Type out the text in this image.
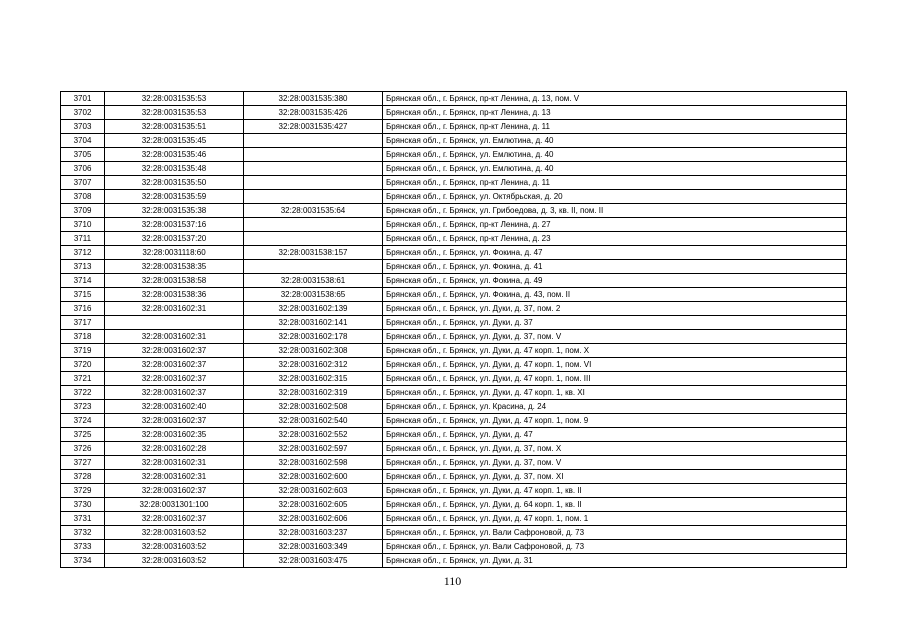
3701	32:28:0031535:53	32:28:0031535:380	Брянская обл., г. Брянск, пр-кт Ленина, д. 13, пом. V
3702	32:28:0031535:53	32:28:0031535:426	Брянская обл., г. Брянск, пр-кт Ленина, д. 13
3703	32:28:0031535:51	32:28:0031535:427	Брянская обл., г. Брянск, пр-кт Ленина, д. 11
3704	32:28:0031535:45		Брянская обл., г. Брянск, ул. Емлютина, д. 40
3705	32:28:0031535:46		Брянская обл., г. Брянск, ул. Емлютина, д. 40
3706	32:28:0031535:48		Брянская обл., г. Брянск, ул. Емлютина, д. 40
3707	32:28:0031535:50		Брянская обл., г. Брянск, пр-кт Ленина, д. 11
3708	32:28:0031535:59		Брянская обл., г. Брянск, ул. Октябрьская, д. 20
3709	32:28:0031535:38	32:28:0031535:64	Брянская обл., г. Брянск, ул. Грибоедова, д. 3, кв. II, пом. II
3710	32:28:0031537:16		Брянская обл., г. Брянск, пр-кт Ленина, д. 27
3711	32:28:0031537:20		Брянская обл., г. Брянск, пр-кт Ленина, д. 23
3712	32:28:0031118:60	32:28:0031538:157	Брянская обл., г. Брянск, ул. Фокина, д. 47
3713	32:28:0031538:35		Брянская обл., г. Брянск, ул. Фокина, д. 41
3714	32:28:0031538:58	32:28:0031538:61	Брянская обл., г. Брянск, ул. Фокина, д. 49
3715	32:28:0031538:36	32:28:0031538:65	Брянская обл., г. Брянск, ул. Фокина, д. 43, пом. II
3716	32:28:0031602:31	32:28:0031602:139	Брянская обл., г. Брянск, ул. Дуки, д. 37, пом. 2
3717		32:28:0031602:141	Брянская обл., г. Брянск, ул. Дуки, д. 37
3718	32:28:0031602:31	32:28:0031602:178	Брянская обл., г. Брянск, ул. Дуки, д. 37, пом. V
3719	32:28:0031602:37	32:28:0031602:308	Брянская обл., г. Брянск, ул. Дуки, д. 47 корп. 1, пом. X
3720	32:28:0031602:37	32:28:0031602:312	Брянская обл., г. Брянск, ул. Дуки, д. 47 корп. 1, пом. VI
3721	32:28:0031602:37	32:28:0031602:315	Брянская обл., г. Брянск, ул. Дуки, д. 47 корп. 1, пом. III
3722	32:28:0031602:37	32:28:0031602:319	Брянская обл., г. Брянск, ул. Дуки, д. 47 корп. 1, кв. XI
3723	32:28:0031602:40	32:28:0031602:508	Брянская обл., г. Брянск, ул. Красина, д. 24
3724	32:28:0031602:37	32:28:0031602:540	Брянская обл., г. Брянск, ул. Дуки, д. 47 корп. 1, пом. 9
3725	32:28:0031602:35	32:28:0031602:552	Брянская обл., г. Брянск, ул. Дуки, д. 47
3726	32:28:0031602:28	32:28:0031602:597	Брянская обл., г. Брянск, ул. Дуки, д. 37, пом. X
3727	32:28:0031602:31	32:28:0031602:598	Брянская обл., г. Брянск, ул. Дуки, д. 37, пом. V
3728	32:28:0031602:31	32:28:0031602:600	Брянская обл., г. Брянск, ул. Дуки, д. 37, пом. XI
3729	32:28:0031602:37	32:28:0031602:603	Брянская обл., г. Брянск, ул. Дуки, д. 47 корп. 1, кв. II
3730	32:28:0031301:100	32:28:0031602:605	Брянская обл., г. Брянск, ул. Дуки, д. 64 корп. 1, кв. II
3731	32:28:0031602:37	32:28:0031602:606	Брянская обл., г. Брянск, ул. Дуки, д. 47 корп. 1, пом. 1
3732	32:28:0031603:52	32:28:0031603:237	Брянская обл., г. Брянск, ул. Вали Сафроновой, д. 73
3733	32:28:0031603:52	32:28:0031603:349	Брянская обл., г. Брянск, ул. Вали Сафроновой, д. 73
3734	32:28:0031603:52	32:28:0031603:475	Брянская обл., г. Брянск, ул. Дуки, д. 31
110
